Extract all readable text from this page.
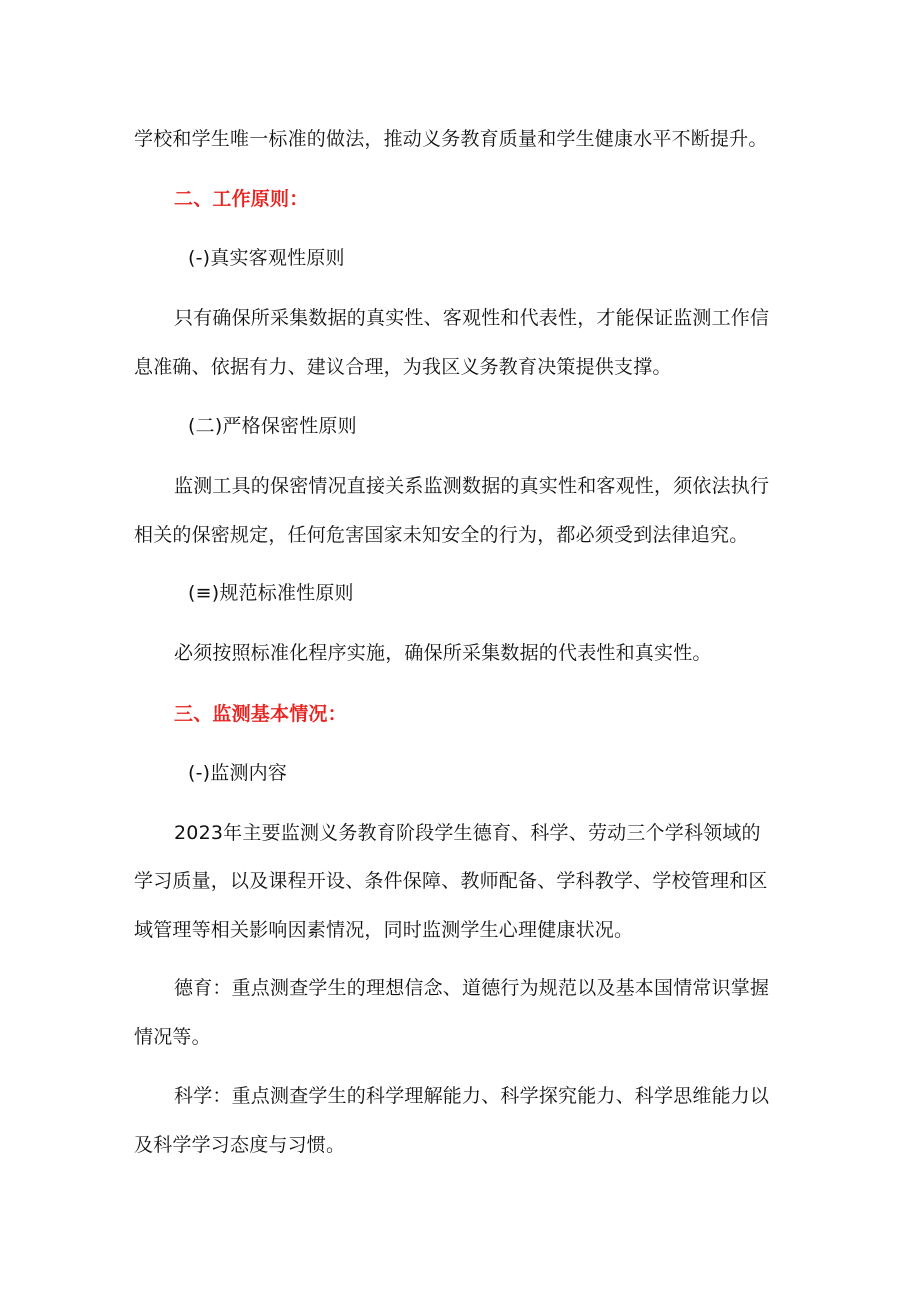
学校和学生唯一标准的做法，推动义务教育质量和学生健康水平不断提升。
二、工作原则：
(-)真实客观性原则
只有确保所采集数据的真实性、客观性和代表性，才能保证监测工作信
息准确、依据有力、建议合理，为我区义务教育决策提供支撑。
(二)严格保密性原则
监测工具的保密情况直接关系监测数据的真实性和客观性，须依法执行
相关的保密规定，任何危害国家未知安全的行为，都必须受到法律追究。
(≡)规范标准性原则
必须按照标准化程序实施，确保所采集数据的代表性和真实性。
三、监测基本情况：
(-)监测内容
2023年主要监测义务教育阶段学生德育、科学、劳动三个学科领域的
学习质量，以及课程开设、条件保障、教师配备、学科教学、学校管理和区
域管理等相关影响因素情况，同时监测学生心理健康状况。
德育：重点测查学生的理想信念、道德行为规范以及基本国情常识掌握
情况等。
科学：重点测查学生的科学理解能力、科学探究能力、科学思维能力以
及科学学习态度与习惯。
